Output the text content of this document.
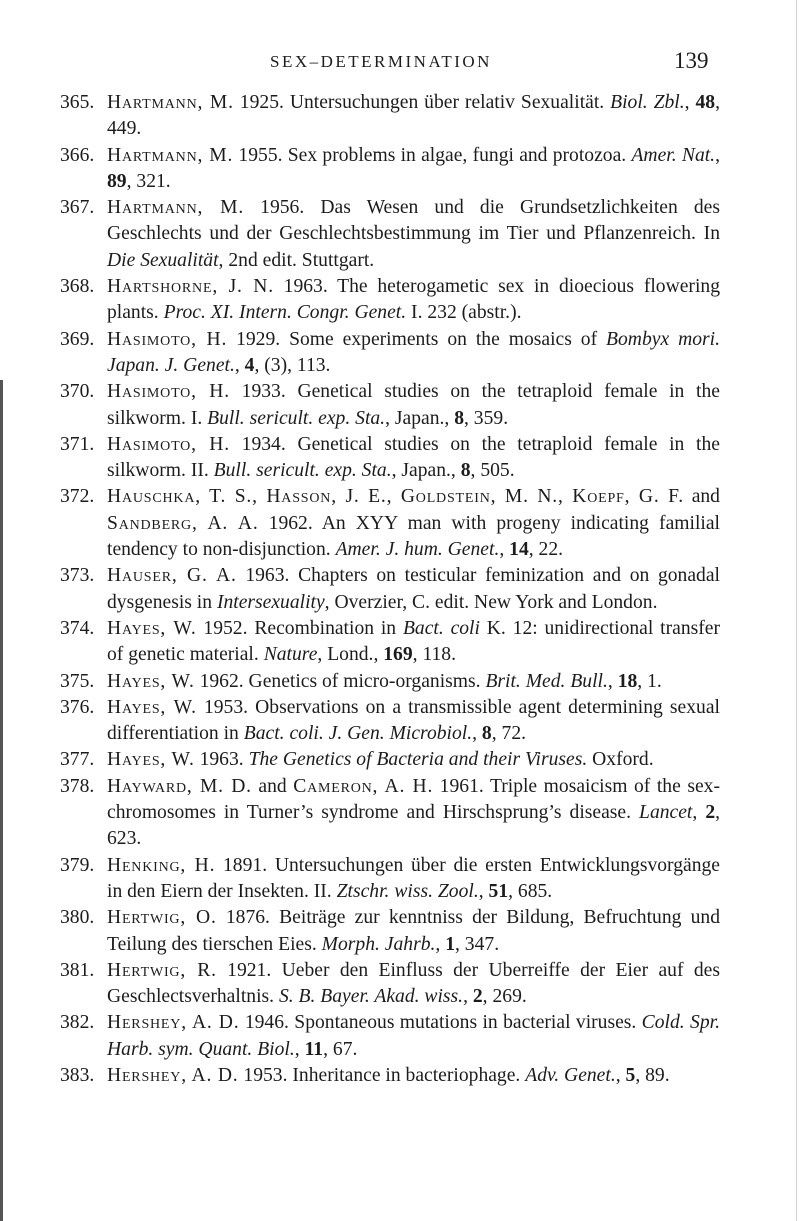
SEX–DETERMINATION	139
365. Hartmann, M. 1925. Untersuchungen über relativ Sexualität. Biol. Zbl., 48, 449.
366. Hartmann, M. 1955. Sex problems in algae, fungi and protozoa. Amer. Nat., 89, 321.
367. Hartmann, M. 1956. Das Wesen und die Grundsetzlichkeiten des Geschlechts und der Geschlechtsbestimmung im Tier und Pflanzenreich. In Die Sexualität, 2nd edit. Stuttgart.
368. Hartshorne, J. N. 1963. The heterogametic sex in dioecious flowering plants. Proc. XI. Intern. Congr. Genet. I. 232 (abstr.).
369. Hasimoto, H. 1929. Some experiments on the mosaics of Bombyx mori. Japan. J. Genet., 4, (3), 113.
370. Hasimoto, H. 1933. Genetical studies on the tetraploid female in the silkworm. I. Bull. sericult. exp. Sta., Japan., 8, 359.
371. Hasimoto, H. 1934. Genetical studies on the tetraploid female in the silkworm. II. Bull. sericult. exp. Sta., Japan., 8, 505.
372. Hauschka, T. S., Hasson, J. E., Goldstein, M. N., Koepf, G. F. and Sandberg, A. A. 1962. An XYY man with progeny indicating familial tendency to non-disjunction. Amer. J. hum. Genet., 14, 22.
373. Hauser, G. A. 1963. Chapters on testicular feminization and on gonadal dysgenesis in Intersexuality, Overzier, C. edit. New York and London.
374. Hayes, W. 1952. Recombination in Bact. coli K. 12: unidirectional transfer of genetic material. Nature, Lond., 169, 118.
375. Hayes, W. 1962. Genetics of micro-organisms. Brit. Med. Bull., 18, 1.
376. Hayes, W. 1953. Observations on a transmissible agent determining sexual differentiation in Bact. coli. J. Gen. Microbiol., 8, 72.
377. Hayes, W. 1963. The Genetics of Bacteria and their Viruses. Oxford.
378. Hayward, M. D. and Cameron, A. H. 1961. Triple mosaicism of the sex-chromosomes in Turner’s syndrome and Hirschsprung’s disease. Lancet, 2, 623.
379. Henking, H. 1891. Untersuchungen über die ersten Entwicklungsvorgänge in den Eiern der Insekten. II. Ztschr. wiss. Zool., 51, 685.
380. Hertwig, O. 1876. Beiträge zur kenntniss der Bildung, Befruchtung und Teilung des tierschen Eies. Morph. Jahrb., 1, 347.
381. Hertwig, R. 1921. Ueber den Einfluss der Uberreiffe der Eier auf des Geschlectsverhaltnis. S. B. Bayer. Akad. wiss., 2, 269.
382. Hershey, A. D. 1946. Spontaneous mutations in bacterial viruses. Cold. Spr. Harb. sym. Quant. Biol., 11, 67.
383. Hershey, A. D. 1953. Inheritance in bacteriophage. Adv. Genet., 5, 89.
